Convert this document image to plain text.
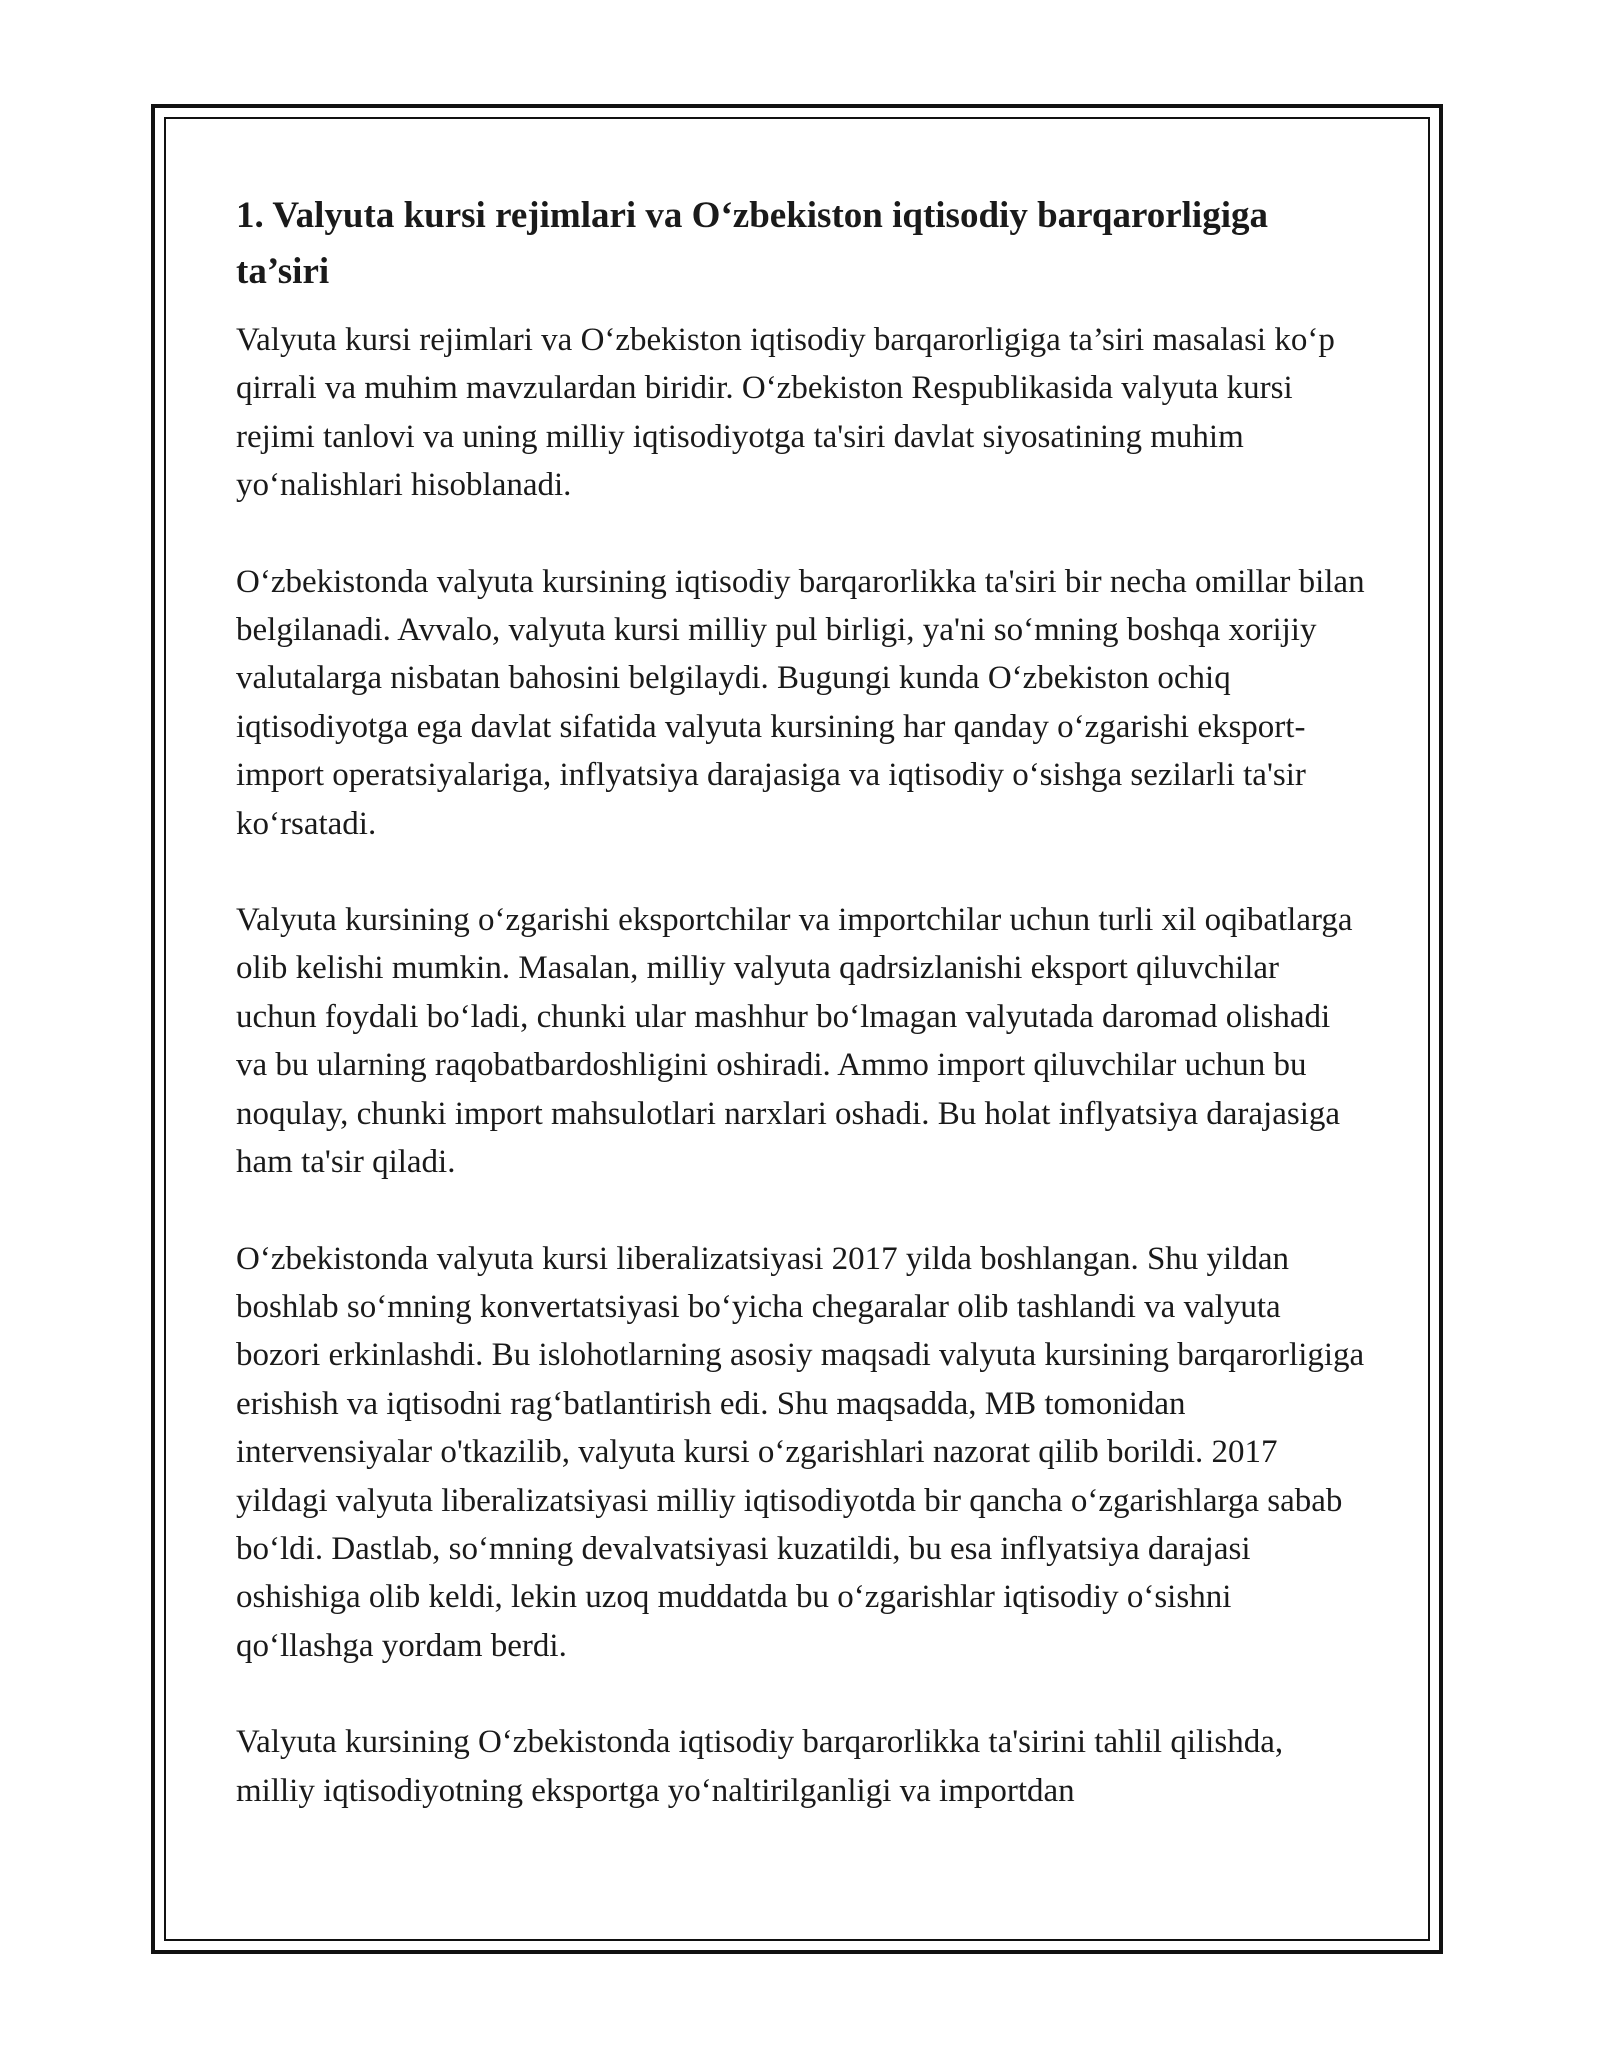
1. Valyuta kursi rejimlari va O‘zbekiston iqtisodiy barqarorligiga ta’siri

Valyuta kursi rejimlari va O‘zbekiston iqtisodiy barqarorligiga ta’siri masalasi ko‘p qirrali va muhim mavzulardan biridir. O‘zbekiston Respublikasida valyuta kursi rejimi tanlovi va uning milliy iqtisodiyotga ta'siri davlat siyosatining muhim yo‘nalishlari hisoblanadi.

O‘zbekistonda valyuta kursining iqtisodiy barqarorlikka ta'siri bir necha omillar bilan belgilanadi. Avvalo, valyuta kursi milliy pul birligi, ya'ni so‘mning boshqa xorijiy valutalarga nisbatan bahosini belgilaydi. Bugungi kunda O‘zbekiston ochiq iqtisodiyotga ega davlat sifatida valyuta kursining har qanday o‘zgarishi eksport-import operatsiyalariga, inflyatsiya darajasiga va iqtisodiy o‘sishga sezilarli ta'sir ko‘rsatadi.

Valyuta kursining o‘zgarishi eksportchilar va importchilar uchun turli xil oqibatlarga olib kelishi mumkin. Masalan, milliy valyuta qadrsizlanishi eksport qiluvchilar uchun foydali bo‘ladi, chunki ular mashhur bo‘lmagan valyutada daromad olishadi va bu ularning raqobatbardoshligini oshiradi. Ammo import qiluvchilar uchun bu noqulay, chunki import mahsulotlari narxlari oshadi. Bu holat inflyatsiya darajasiga ham ta'sir qiladi.

O‘zbekistonda valyuta kursi liberalizatsiyasi 2017 yilda boshlangan. Shu yildan boshlab so‘mning konvertatsiyasi bo‘yicha chegaralar olib tashlandi va valyuta bozori erkinlashdi. Bu islohotlarning asosiy maqsadi valyuta kursining barqarorligiga erishish va iqtisodni rag‘batlantirish edi. Shu maqsadda, MB tomonidan intervensiyalar o'tkazilib, valyuta kursi o‘zgarishlari nazorat qilib borildi. 2017 yildagi valyuta liberalizatsiyasi milliy iqtisodiyotda bir qancha o‘zgarishlarga sabab bo‘ldi. Dastlab, so‘mning devalvatsiyasi kuzatildi, bu esa inflyatsiya darajasi oshishiga olib keldi, lekin uzoq muddatda bu o‘zgarishlar iqtisodiy o‘sishni qo‘llashga yordam berdi.

Valyuta kursining O‘zbekistonda iqtisodiy barqarorlikka ta'sirini tahlil qilishda, milliy iqtisodiyotning eksportga yo‘naltirilganligi va importdan
